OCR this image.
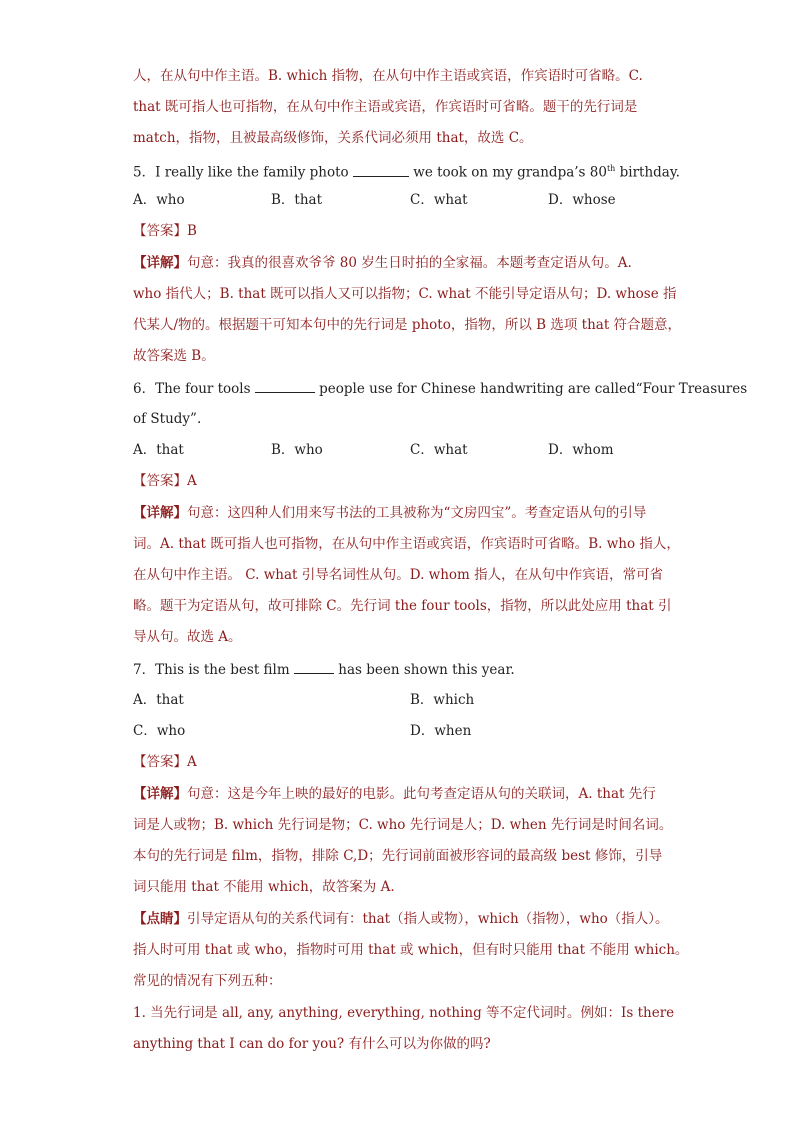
人，在从句中作主语。B. which 指物，在从句中作主语或宾语，作宾语时可省略。C.
that 既可指人也可指物，在从句中作主语或宾语，作宾语时可省略。题干的先行词是
match，指物，且被最高级修饰，关系代词必须用 that，故选 C。
5．I really like the family photo	we took on my grandpa’s 80th birthday.
A．who	B．that	C．what	D．whose
【答案】B
【详解】句意：我真的很喜欢爷爷 80 岁生日时拍的全家福。本题考查定语从句。A.
who 指代人；B. that 既可以指人又可以指物；C. what 不能引导定语从句；D. whose 指
代某人/物的。根据题干可知本句中的先行词是 photo，指物，所以 B 选项 that 符合题意，
故答案选 B。
6．The four tools	people use for Chinese handwriting are called“Four Treasures
of Study”.
A．that	B．who	C．what	D．whom
【答案】A
【详解】句意：这四种人们用来写书法的工具被称为“文房四宝”。考查定语从句的引导
词。A. that 既可指人也可指物，在从句中作主语或宾语，作宾语时可省略。B. who 指人，
在从句中作主语。 C. what 引导名词性从句。D. whom 指人，在从句中作宾语，常可省
略。题干为定语从句，故可排除 C。先行词 the four tools，指物，所以此处应用 that 引
导从句。故选 A。
7．This is the best film	has been shown this year.
A．that	B．which
C．who	D．when
【答案】A
【详解】句意：这是今年上映的最好的电影。此句考查定语从句的关联词，A. that 先行
词是人或物；B. which 先行词是物；C. who 先行词是人；D. when 先行词是时间名词。
本句的先行词是 film，指物，排除 C,D；先行词前面被形容词的最高级 best 修饰，引导
词只能用 that 不能用 which，故答案为 A.
【点睛】引导定语从句的关系代词有：that（指人或物），which（指物），who（指人）。
指人时可用 that 或 who，指物时可用 that 或 which，但有时只能用 that 不能用 which。
常见的情况有下列五种：
1. 当先行词是 all, any, anything, everything, nothing 等不定代词时。例如：Is there
anything that I can do for you? 有什么可以为你做的吗?
